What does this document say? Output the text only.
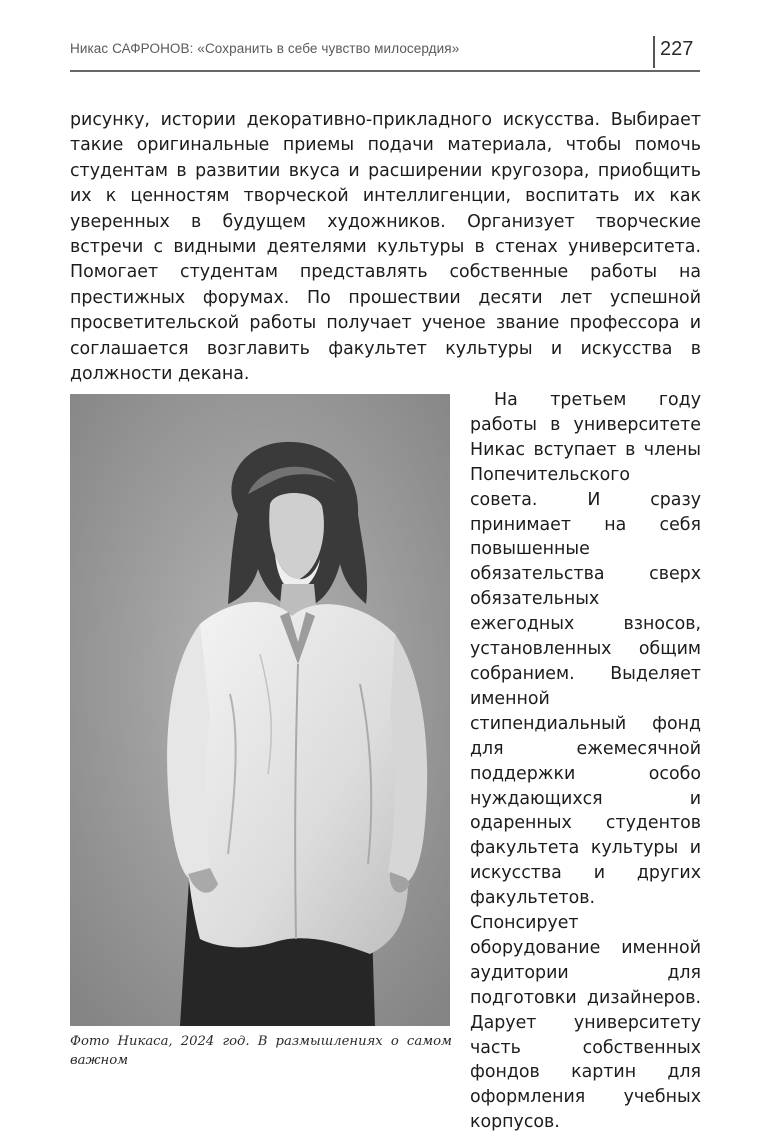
Никас САФРОНОВ: «Сохранить в себе чувство милосердия»	227

рисунку, истории декоративно-прикладного искусства. Выбирает такие оригинальные приемы подачи материала, чтобы помочь студентам в развитии вкуса и расширении кругозора, приобщить их к ценностям творческой интеллигенции, воспитать их как уверенных в будущем художников. Организует творческие встречи с видными деятелями культуры в стенах университета. Помогает студентам представлять собственные работы на престижных форумах. По прошествии десяти лет успешной просветительской работы получает ученое звание профессора и соглашается возглавить факультет культуры и искусства в должности декана.

Фото Никаса, 2024 год. В размышлениях о самом важном

На третьем году работы в университете Никас вступает в члены Попечительского совета. И сразу принимает на себя повышенные обязательства сверх обязательных ежегодных взносов, установленных общим собранием. Выделяет именной стипендиальный фонд для ежемесячной поддержки особо нуждающихся и одаренных студентов факультета культуры и искусства и других факультетов. Спонсирует оборудование именной аудитории для подготовки дизайнеров. Дарует университету часть собственных фондов картин для оформления учебных корпусов.
